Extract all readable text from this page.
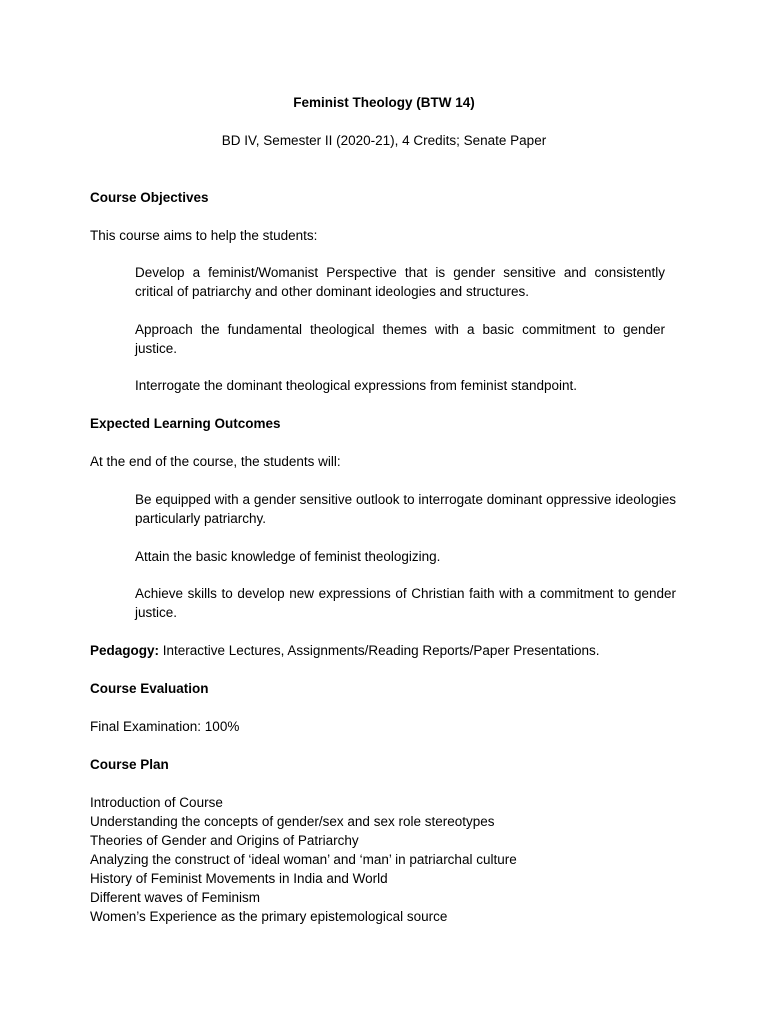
Feminist Theology (BTW 14)
BD IV, Semester II (2020-21), 4 Credits; Senate Paper
Course Objectives
This course aims to help the students:
Develop a feminist/Womanist Perspective that is gender sensitive and consistently critical of patriarchy and other dominant ideologies and structures.
Approach the fundamental theological themes with a basic commitment to gender justice.
Interrogate the dominant theological expressions from feminist standpoint.
Expected Learning Outcomes
At the end of the course, the students will:
Be equipped with a gender sensitive outlook to interrogate dominant oppressive ideologies particularly patriarchy.
Attain the basic knowledge of feminist theologizing.
Achieve skills to develop new expressions of Christian faith with a commitment to gender justice.
Pedagogy: Interactive Lectures, Assignments/Reading Reports/Paper Presentations.
Course Evaluation
Final Examination: 100%
Course Plan
Introduction of Course
Understanding the concepts of gender/sex and sex role stereotypes
Theories of Gender and Origins of Patriarchy
Analyzing the construct of ‘ideal woman’ and ‘man’ in patriarchal culture
History of Feminist Movements in India and World
Different waves of Feminism
Women’s Experience as the primary epistemological source
